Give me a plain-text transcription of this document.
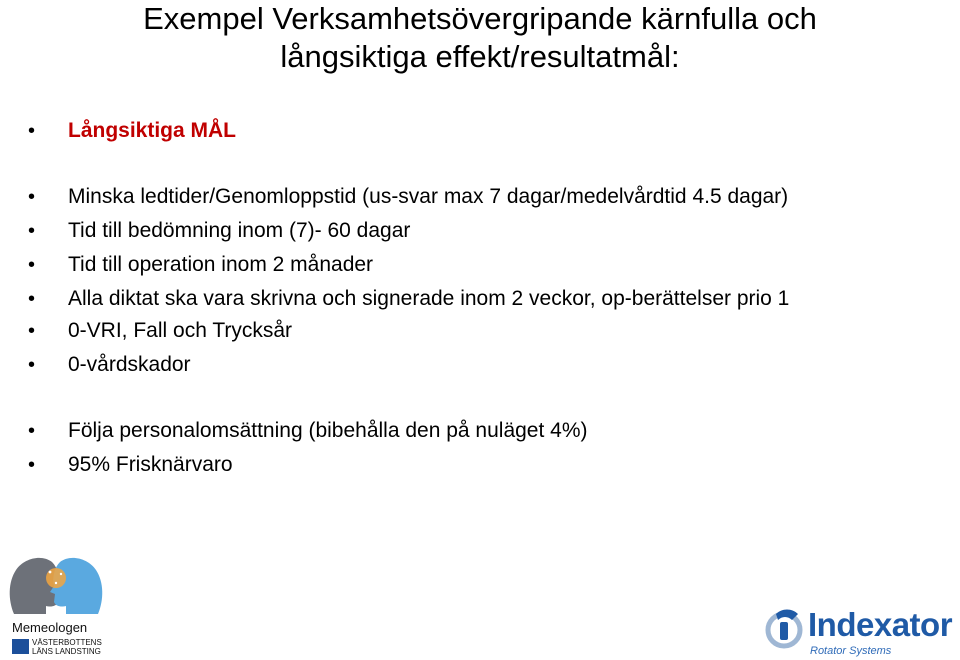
Exempel Verksamhetsövergripande kärnfulla och
långsiktiga effekt/resultatmål:
Långsiktiga MÅL
Minska ledtider/Genomloppstid (us-svar max 7 dagar/medelvårdtid 4.5 dagar)
Tid till bedömning inom (7)- 60 dagar
Tid till operation inom 2 månader
Alla diktat ska vara skrivna och signerade inom 2 veckor, op-berättelser prio 1
0-VRI, Fall och Trycksår
0-vårdskador
Följa personalomsättning (bibehålla den på nuläget 4%)
95% Frisknärvaro
Memeologen
VÄSTERBOTTENS
LÄNS LANDSTING
Indexator
Rotator Systems
